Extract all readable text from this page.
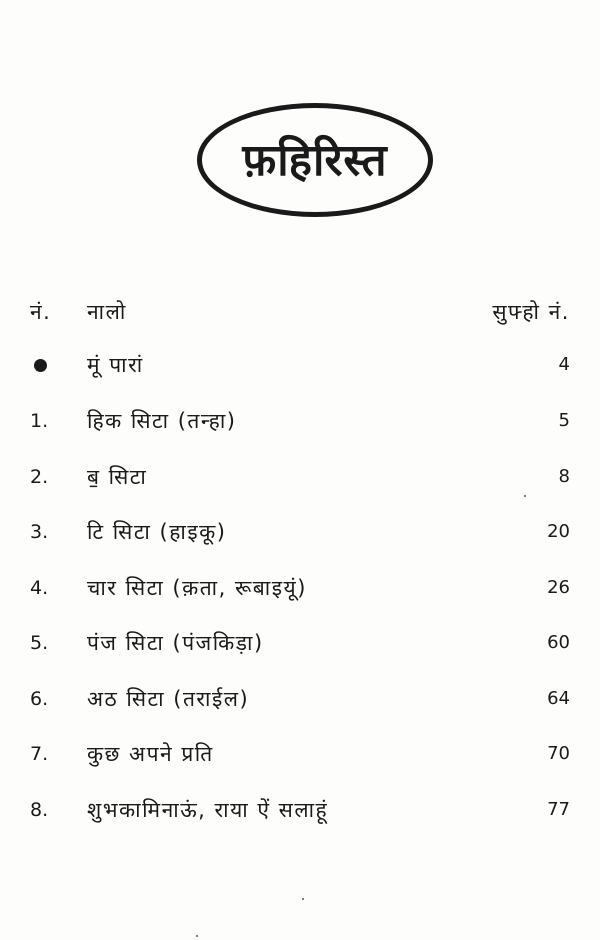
फ़हिरिस्त
नं. नालो	सुफ्हो नं.
मूं पारां	4
1. हिक सिटा (तन्हा)	5
2. ब॒ सिटा	8
3. टि सिटा (हाइकू)	20
4. चार सिटा (क़ता, रूबाइयूं)	26
5. पंज सिटा (पंजकिड़ा)	60
6. अठ सिटा (तराईल)	64
7. कुछ अपने प्रति	70
8. शुभकामिनाऊं, राया ऐं सलाहूं	77
